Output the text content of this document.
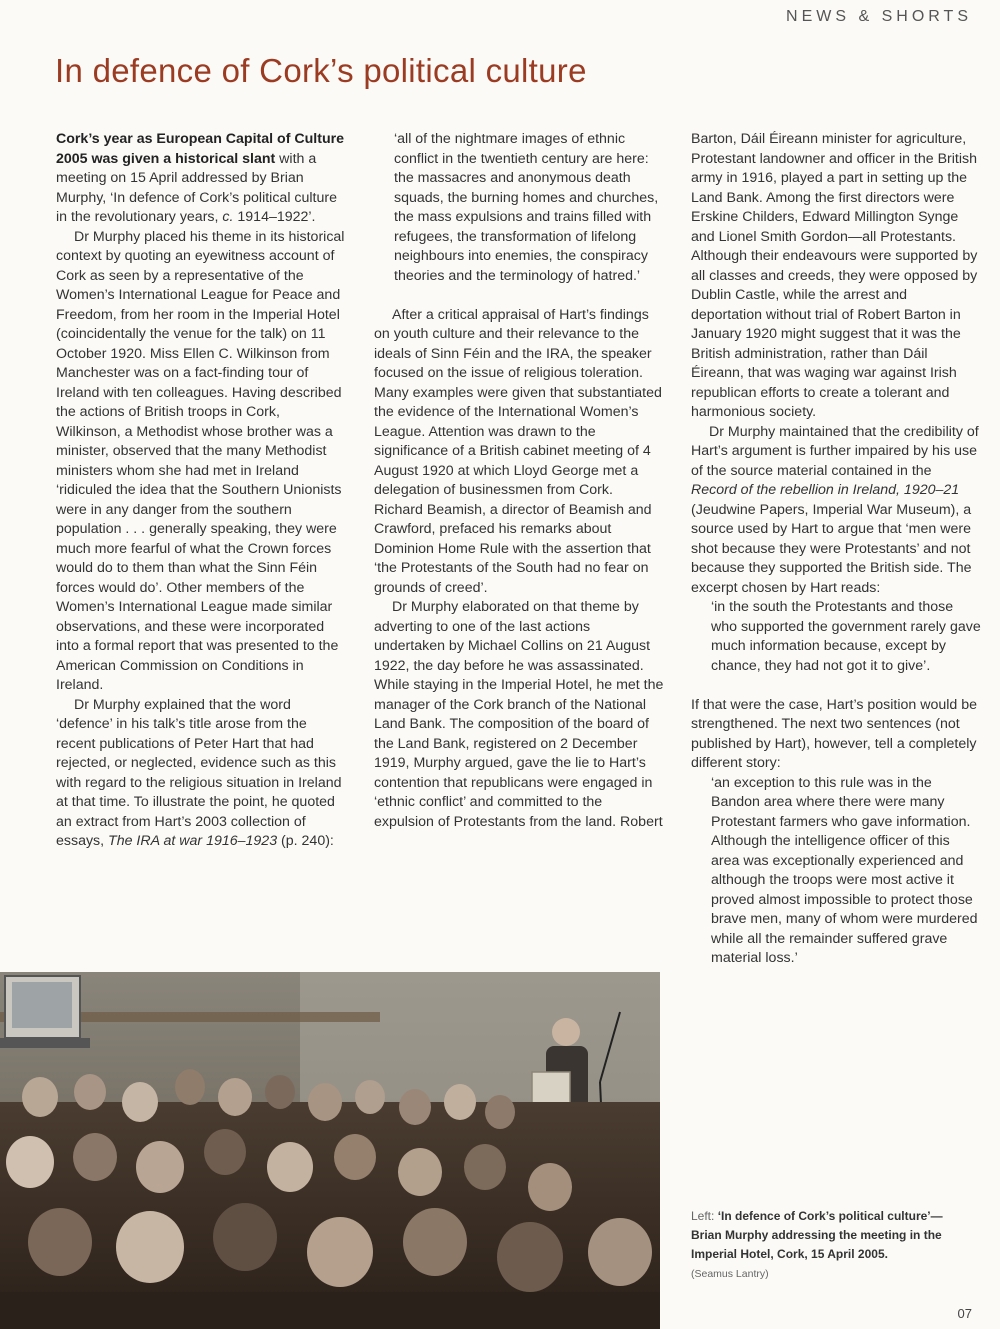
NEWS & SHORTS
In defence of Cork’s political culture

Cork’s year as European Capital of Culture 2005 was given a historical slant with a meeting on 15 April addressed by Brian Murphy, ‘In defence of Cork’s political culture in the revolutionary years, c. 1914–1922’.

Dr Murphy placed his theme in its historical context by quoting an eyewitness account of Cork as seen by a representative of the Women’s International League for Peace and Freedom, from her room in the Imperial Hotel (coincidentally the venue for the talk) on 11 October 1920. Miss Ellen C. Wilkinson from Manchester was on a fact-finding tour of Ireland with ten colleagues. Having described the actions of British troops in Cork, Wilkinson, a Methodist whose brother was a minister, observed that the many Methodist ministers whom she had met in Ireland ‘ridiculed the idea that the Southern Unionists were in any danger from the southern population . . . generally speaking, they were much more fearful of what the Crown forces would do to them than what the Sinn Féin forces would do’. Other members of the Women’s International League made similar observations, and these were incorporated into a formal report that was presented to the American Commission on Conditions in Ireland.

Dr Murphy explained that the word ‘defence’ in his talk’s title arose from the recent publications of Peter Hart that had rejected, or neglected, evidence such as this with regard to the religious situation in Ireland at that time. To illustrate the point, he quoted an extract from Hart’s 2003 collection of essays, The IRA at war 1916–1923 (p. 240):

‘all of the nightmare images of ethnic conflict in the twentieth century are here: the massacres and anonymous death squads, the burning homes and churches, the mass expulsions and trains filled with refugees, the transformation of lifelong neighbours into enemies, the conspiracy theories and the terminology of hatred.’

After a critical appraisal of Hart’s findings on youth culture and their relevance to the ideals of Sinn Féin and the IRA, the speaker focused on the issue of religious toleration. Many examples were given that substantiated the evidence of the International Women’s League. Attention was drawn to the significance of a British cabinet meeting of 4 August 1920 at which Lloyd George met a delegation of businessmen from Cork. Richard Beamish, a director of Beamish and Crawford, prefaced his remarks about Dominion Home Rule with the assertion that ‘the Protestants of the South had no fear on grounds of creed’.

Dr Murphy elaborated on that theme by adverting to one of the last actions undertaken by Michael Collins on 21 August 1922, the day before he was assassinated. While staying in the Imperial Hotel, he met the manager of the Cork branch of the National Land Bank. The composition of the board of the Land Bank, registered on 2 December 1919, Murphy argued, gave the lie to Hart’s contention that republicans were engaged in ‘ethnic conflict’ and committed to the expulsion of Protestants from the land. Robert

Barton, Dáil Éireann minister for agriculture, Protestant landowner and officer in the British army in 1916, played a part in setting up the Land Bank. Among the first directors were Erskine Childers, Edward Millington Synge and Lionel Smith Gordon—all Protestants. Although their endeavours were supported by all classes and creeds, they were opposed by Dublin Castle, while the arrest and deportation without trial of Robert Barton in January 1920 might suggest that it was the British administration, rather than Dáil Éireann, that was waging war against Irish republican efforts to create a tolerant and harmonious society.

Dr Murphy maintained that the credibility of Hart’s argument is further impaired by his use of the source material contained in the Record of the rebellion in Ireland, 1920–21 (Jeudwine Papers, Imperial War Museum), a source used by Hart to argue that ‘men were shot because they were Protestants’ and not because they supported the British side. The excerpt chosen by Hart reads:

‘in the south the Protestants and those who supported the government rarely gave much information because, except by chance, they had not got it to give’.

If that were the case, Hart’s position would be strengthened. The next two sentences (not published by Hart), however, tell a completely different story:

‘an exception to this rule was in the Bandon area where there were many Protestant farmers who gave information. Although the intelligence officer of this area was exceptionally experienced and although the troops were most active it proved almost impossible to protect those brave men, many of whom were murdered while all the remainder suffered grave material loss.’

Left: ‘In defence of Cork’s political culture’—Brian Murphy addressing the meeting in the Imperial Hotel, Cork, 15 April 2005.
(Seamus Lantry)
07
